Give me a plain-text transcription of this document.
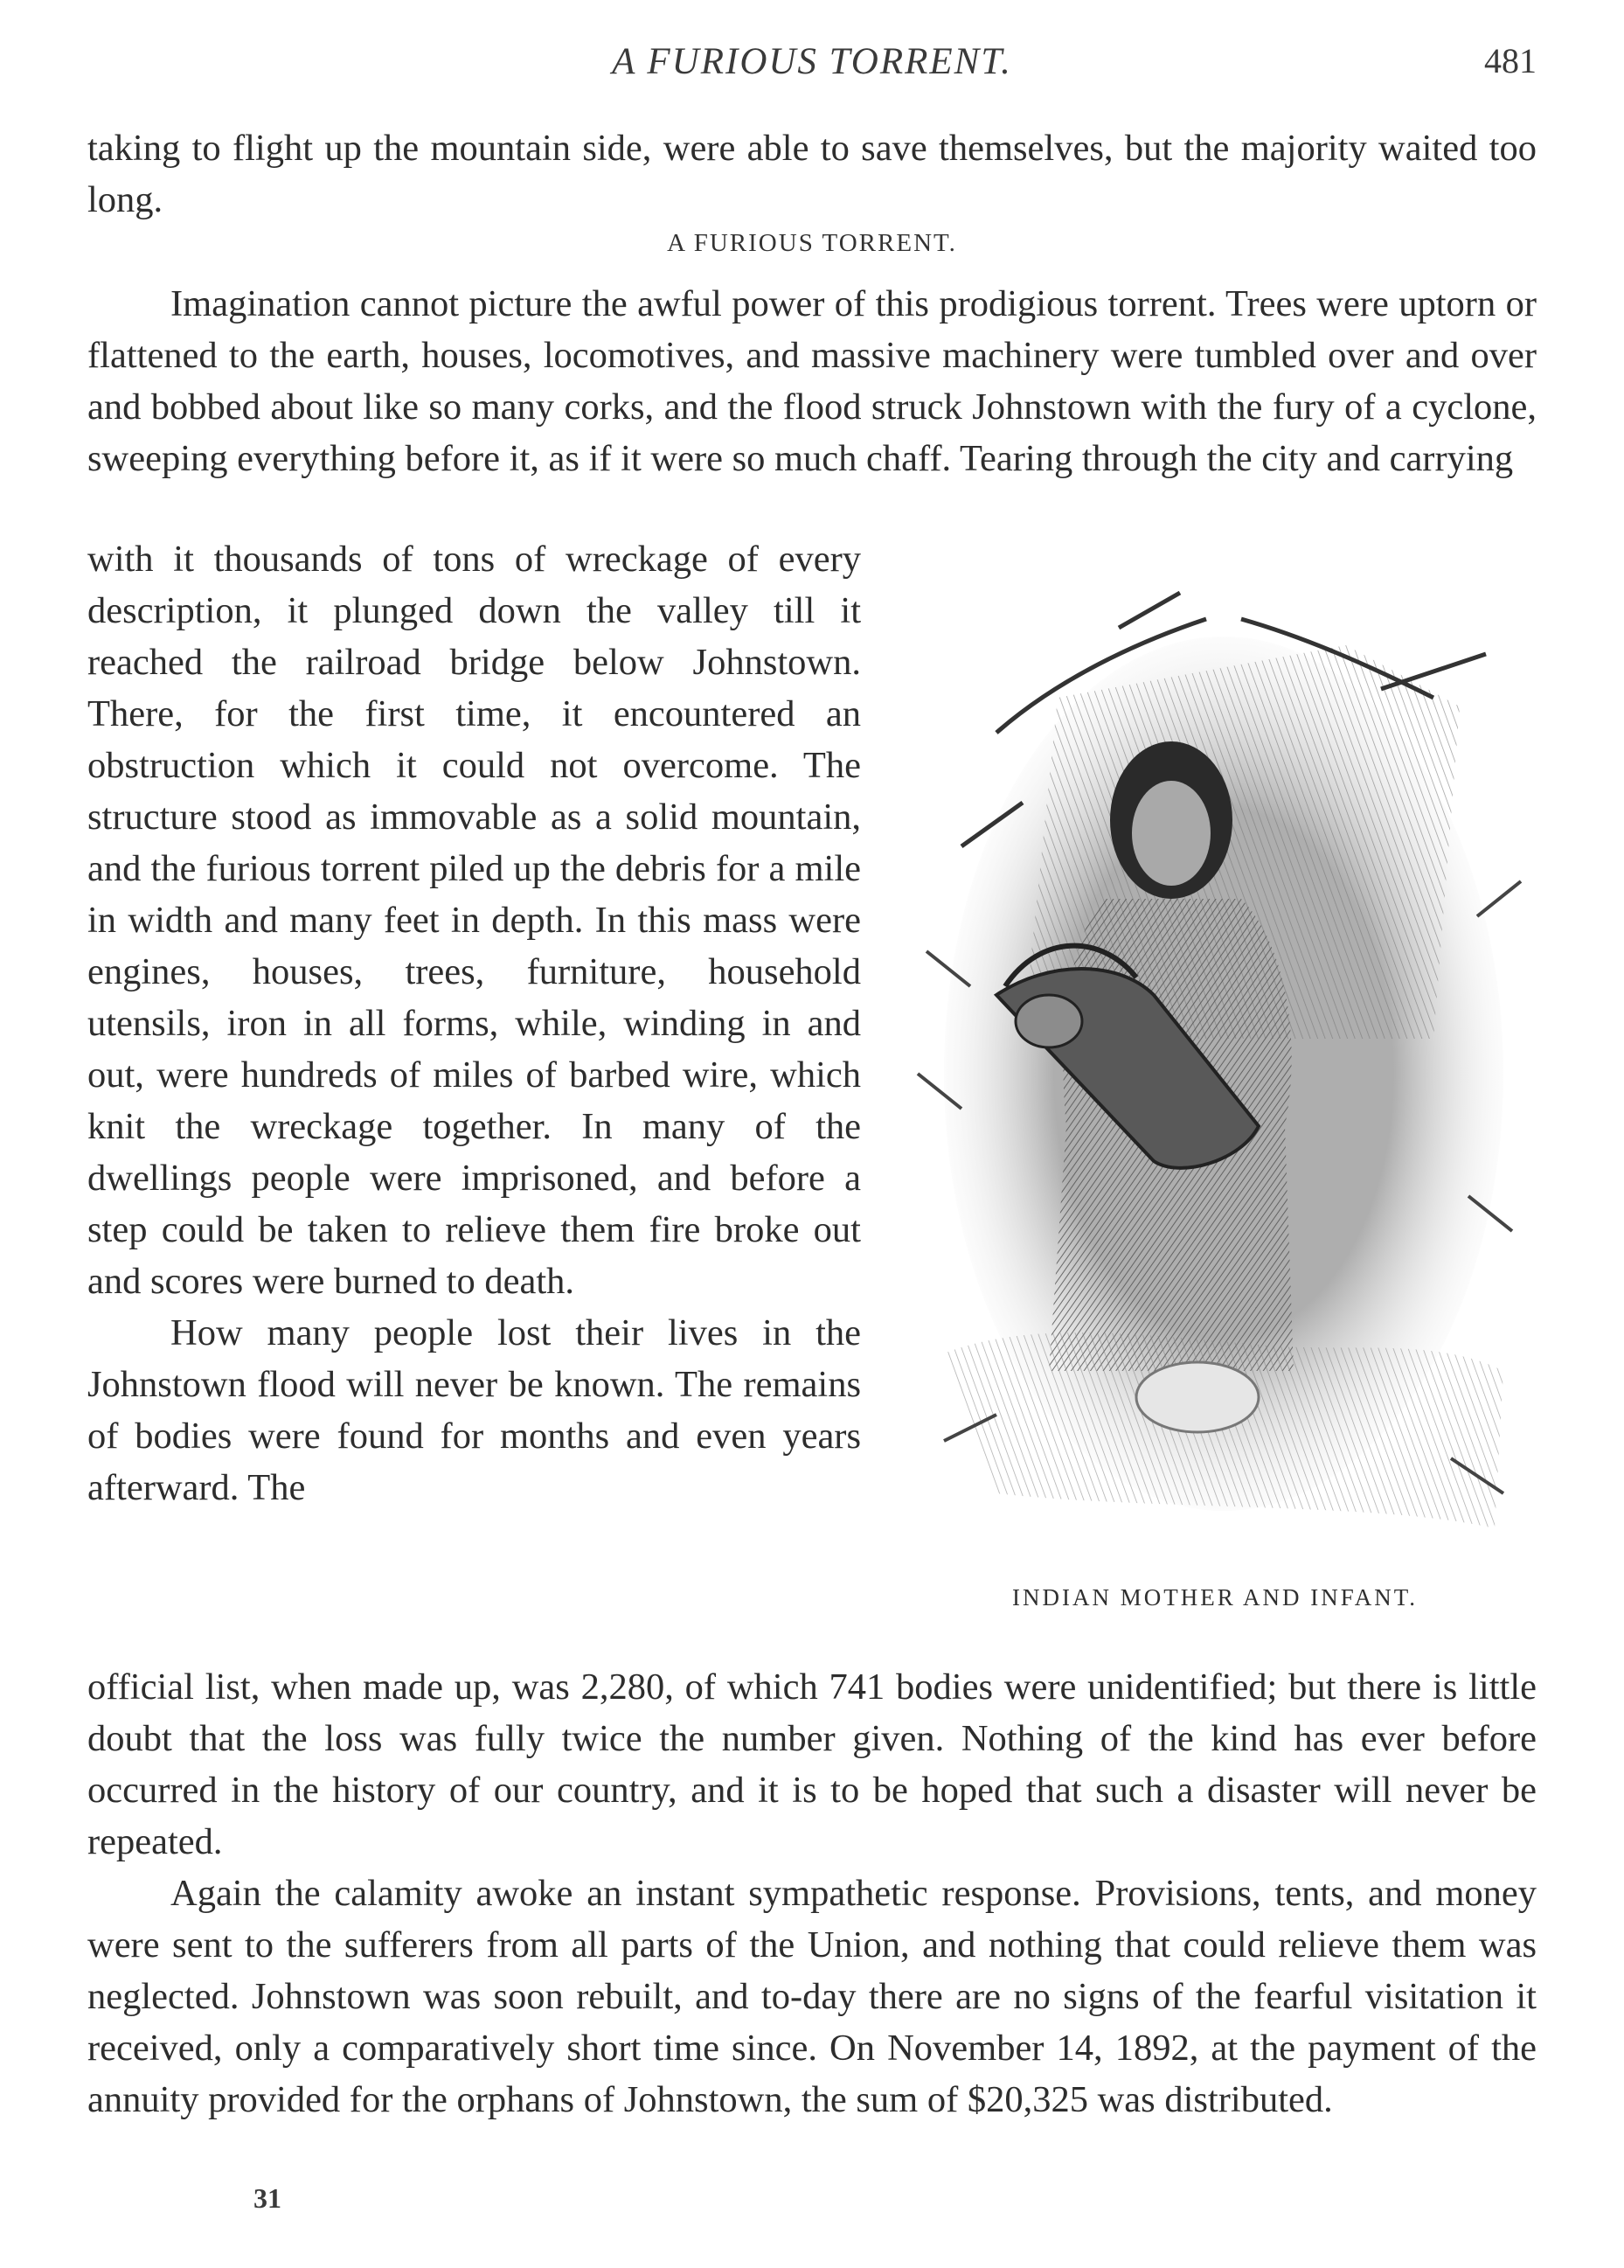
A FURIOUS TORRENT.	481

taking to flight up the mountain side, were able to save themselves, but the majority waited too long.

A FURIOUS TORRENT.

Imagination cannot picture the awful power of this prodigious torrent. Trees were uptorn or flattened to the earth, houses, locomotives, and massive machinery were tumbled over and over and bobbed about like so many corks, and the flood struck Johnstown with the fury of a cyclone, sweeping everything before it, as if it were so much chaff. Tearing through the city and carrying

with it thousands of tons of wreckage of every description, it plunged down the valley till it reached the railroad bridge below Johnstown. There, for the first time, it encountered an obstruction which it could not overcome. The structure stood as immovable as a solid mountain, and the furious torrent piled up the debris for a mile in width and many feet in depth. In this mass were engines, houses, trees, furniture, household utensils, iron in all forms, while, winding in and out, were hundreds of miles of barbed wire, which knit the wreckage together. In many of the dwellings people were imprisoned, and before a step could be taken to relieve them fire broke out and scores were burned to death.

How many people lost their lives in the Johnstown flood will never be known. The remains of bodies were found for months and even years afterward. The

INDIAN MOTHER AND INFANT.

official list, when made up, was 2,280, of which 741 bodies were unidentified; but there is little doubt that the loss was fully twice the number given. Nothing of the kind has ever before occurred in the history of our country, and it is to be hoped that such a disaster will never be repeated.

Again the calamity awoke an instant sympathetic response. Provisions, tents, and money were sent to the sufferers from all parts of the Union, and nothing that could relieve them was neglected. Johnstown was soon rebuilt, and to-day there are no signs of the fearful visitation it received, only a comparatively short time since. On November 14, 1892, at the payment of the annuity provided for the orphans of Johnstown, the sum of $20,325 was distributed.

31
